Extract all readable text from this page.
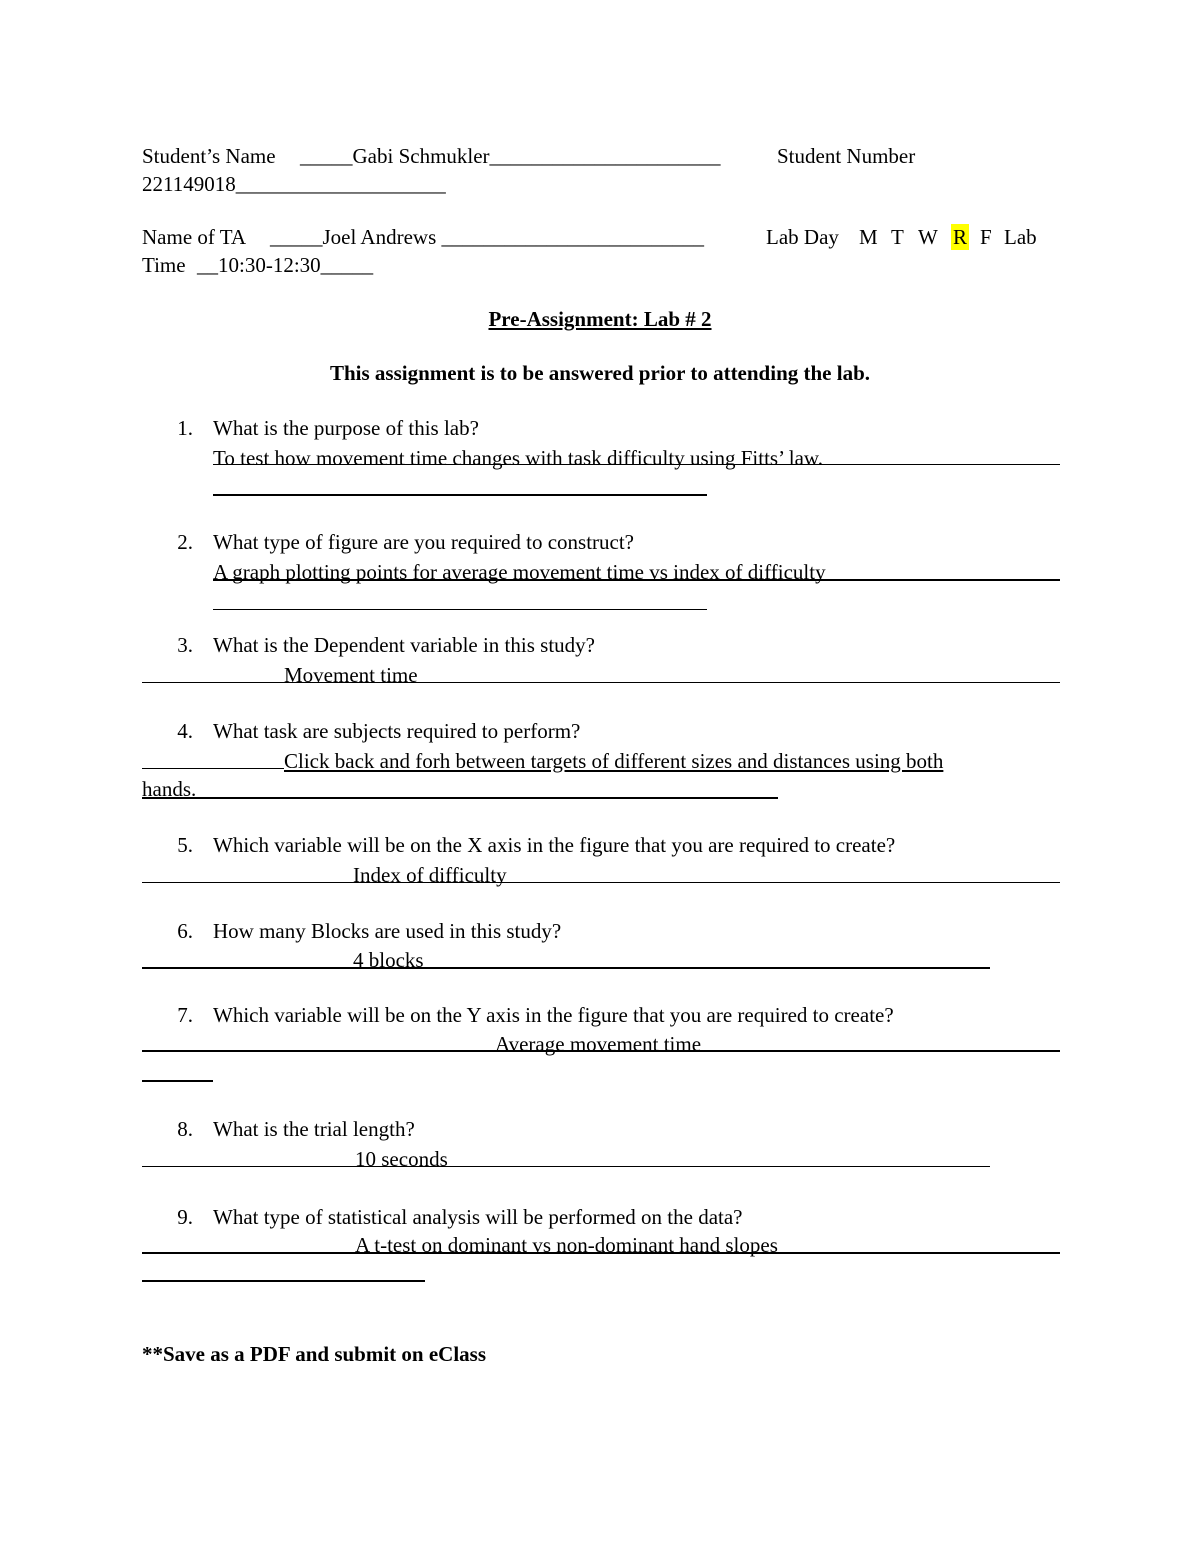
Student’s Name _____Gabi Schmukler______________________	Student Number
221149018____________________
Name of TA _____Joel Andrews _________________________	Lab Day M T W R F Lab
Time __10:30-12:30_____
Pre-Assignment: Lab # 2
This assignment is to be answered prior to attending the lab.
1. What is the purpose of this lab?
To test how movement time changes with task difficulty using Fitts’ law.
2. What type of figure are you required to construct?
A graph plotting points for average movement time vs index of difficulty
3. What is the Dependent variable in this study?
Movement time
4. What task are subjects required to perform?
Click back and forh between targets of different sizes and distances using both
hands.
5. Which variable will be on the X axis in the figure that you are required to create?
Index of difficulty
6. How many Blocks are used in this study?
4 blocks
7. Which variable will be on the Y axis in the figure that you are required to create?
Average movement time
8. What is the trial length?
10 seconds
9. What type of statistical analysis will be performed on the data?
A t-test on dominant vs non-dominant hand slopes
**Save as a PDF and submit on eClass
